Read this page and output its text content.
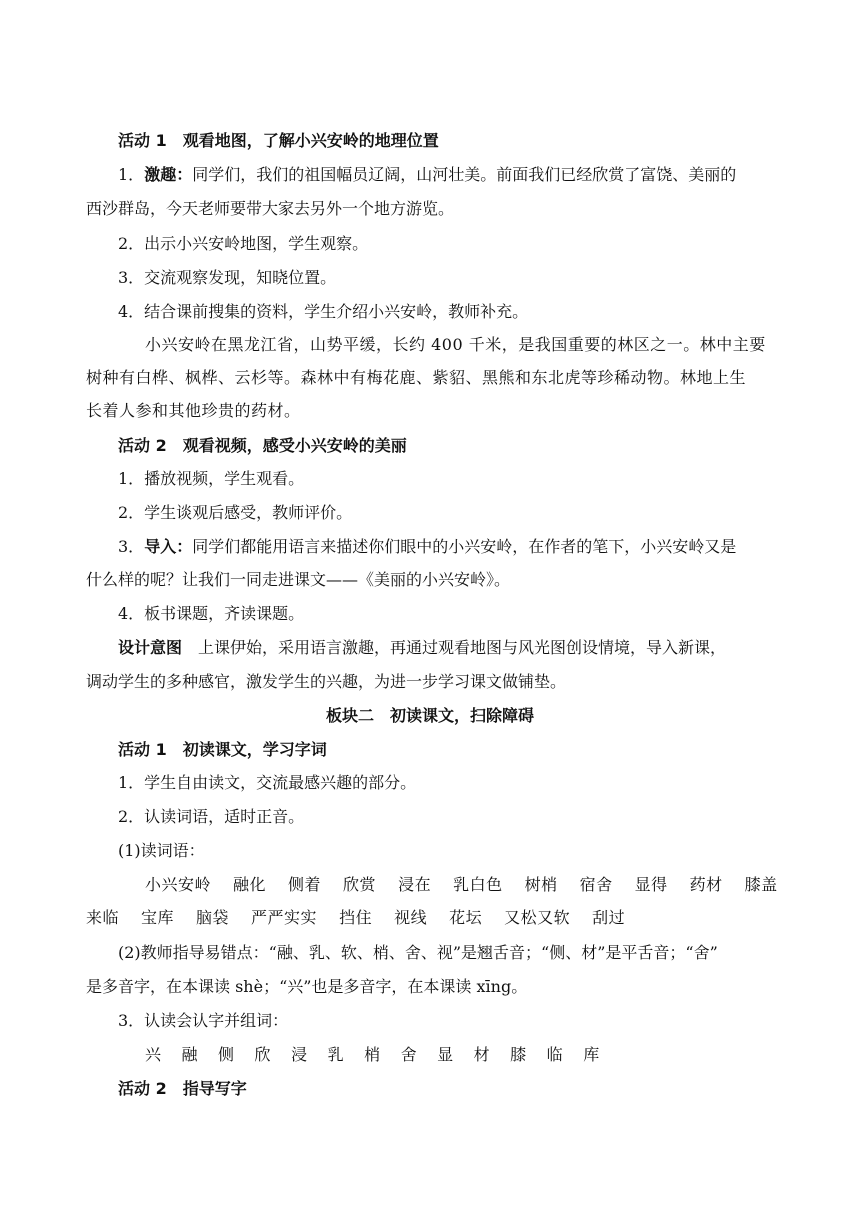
活动 1　观看地图，了解小兴安岭的地理位置
1．激趣：同学们，我们的祖国幅员辽阔，山河壮美。前面我们已经欣赏了富饶、美丽的
西沙群岛，今天老师要带大家去另外一个地方游览。
2．出示小兴安岭地图，学生观察。
3．交流观察发现，知晓位置。
4．结合课前搜集的资料，学生介绍小兴安岭，教师补充。
小兴安岭在黑龙江省，山势平缓，长约 400 千米，是我国重要的林区之一。林中主要
树种有白桦、枫桦、云杉等。森林中有梅花鹿、紫貂、黑熊和东北虎等珍稀动物。林地上生
长着人参和其他珍贵的药材。
活动 2　观看视频，感受小兴安岭的美丽
1．播放视频，学生观看。
2．学生谈观后感受，教师评价。
3．导入：同学们都能用语言来描述你们眼中的小兴安岭，在作者的笔下，小兴安岭又是
什么样的呢？让我们一同走进课文——《美丽的小兴安岭》。
4．板书课题，齐读课题。
设计意图　上课伊始，采用语言激趣，再通过观看地图与风光图创设情境，导入新课，
调动学生的多种感官，激发学生的兴趣，为进一步学习课文做铺垫。
板块二　初读课文，扫除障碍
活动 1　初读课文，学习字词
1．学生自由读文，交流最感兴趣的部分。
2．认读词语，适时正音。
(1)读词语：
小兴安岭 融化 侧着 欣赏 浸在 乳白色 树梢 宿舍 显得 药材 膝盖
来临 宝库 脑袋 严严实实 挡住 视线 花坛 又松又软 刮过
(2)教师指导易错点：“融、乳、软、梢、舍、视”是翘舌音；“侧、材”是平舌音；“舍”
是多音字，在本课读 shè；“兴”也是多音字，在本课读 xīng。
3．认读会认字并组词：
兴 融 侧 欣 浸 乳 梢 舍 显 材 膝 临 库
活动 2　指导写字
